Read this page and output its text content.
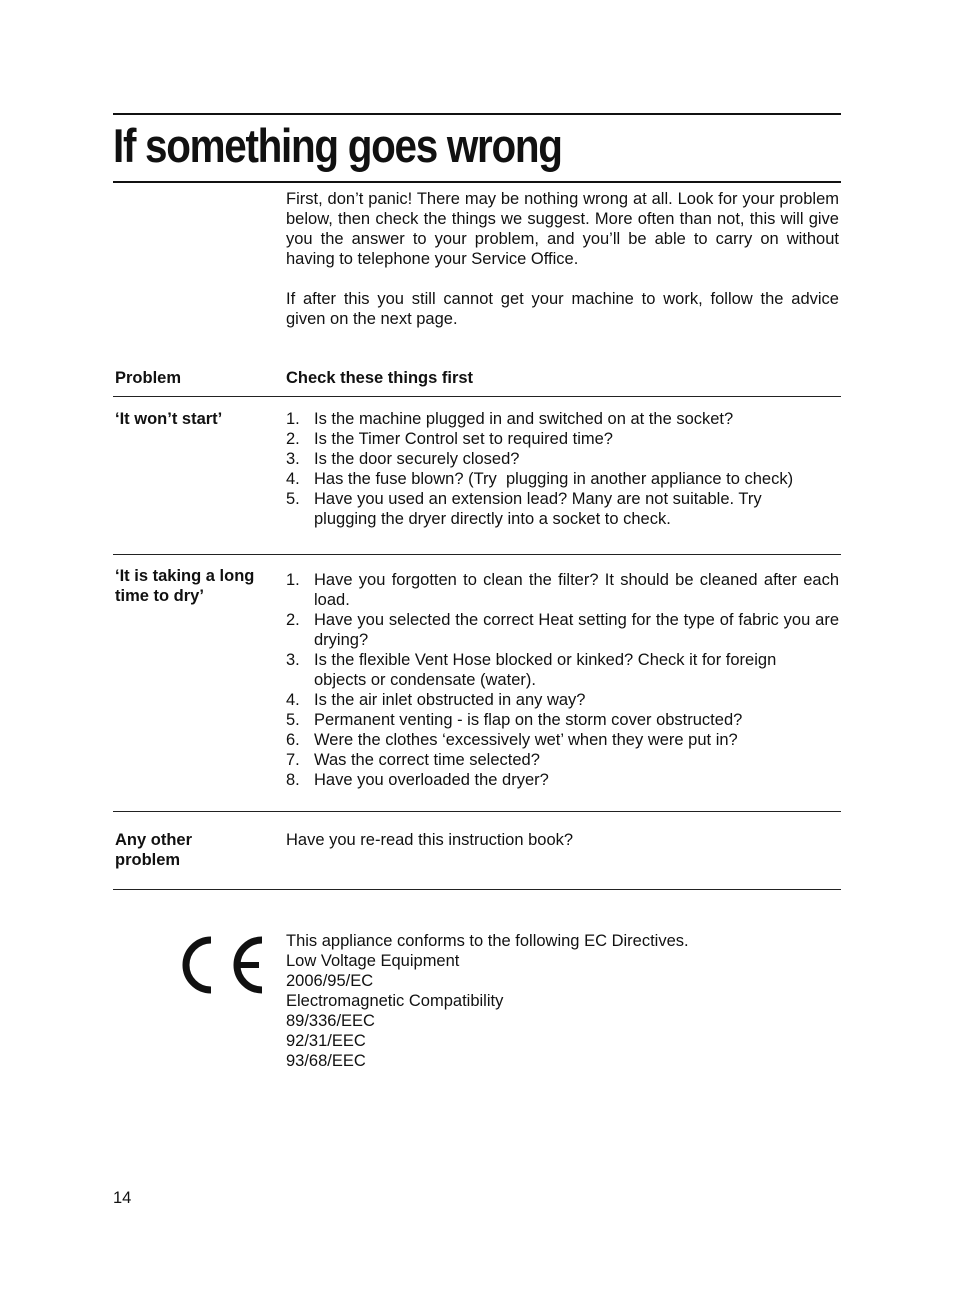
If something goes wrong

First, don’t panic! There may be nothing wrong at all. Look for your problem below, then check the things we suggest. More often than not, this will give you the answer to your problem, and you’ll be able to carry on without having to telephone your Service Office.

If after this you still cannot get your machine to work, follow the advice given on the next page.

Problem	Check these things first
‘It won’t start’	1. Is the machine plugged in and switched on at the socket?
2. Is the Timer Control set to required time?
3. Is the door securely closed?
4. Has the fuse blown? (Try  plugging in another appliance to check)
5. Have you used an extension lead? Many are not suitable. Try plugging the dryer directly into a socket to check.
‘It is taking a long time to dry’
1. Have you forgotten to clean the filter? It should be cleaned after each load.
2. Have you selected the correct Heat setting for the type of fabric you are drying?
3. Is the flexible Vent Hose blocked or kinked? Check it for foreign objects or condensate (water).
4. Is the air inlet obstructed in any way?
5. Permanent venting - is flap on the storm cover obstructed?
6. Were the clothes ‘excessively wet’ when they were put in?
7. Was the correct time selected?
8. Have you overloaded the dryer?
Any other problem
Have you re-read this instruction book?
This appliance conforms to the following EC Directives.
Low Voltage Equipment
2006/95/EC
Electromagnetic Compatibility
89/336/EEC
92/31/EEC
93/68/EEC
14
